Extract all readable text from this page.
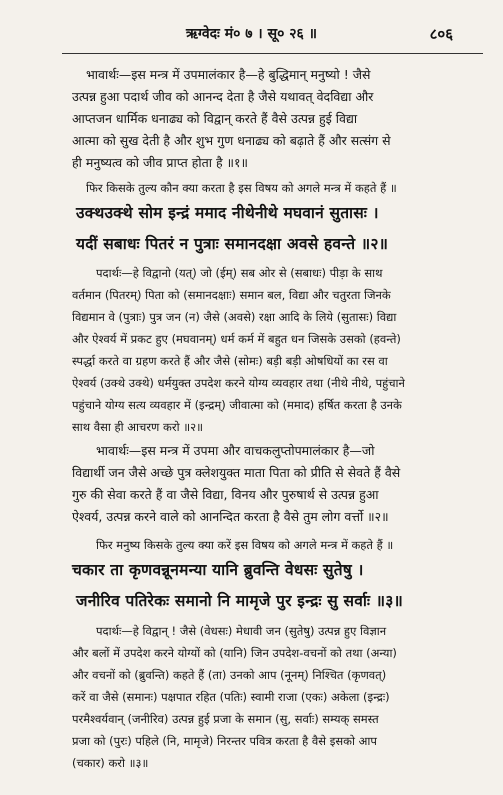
ऋग्वेदः मं० ७ । सू० २६ ॥	८०६
भावार्थः—इस मन्त्र में उपमालंकार है—हे बुद्धिमान् मनुष्यो ! जैसे
उत्पन्न हुआ पदार्थ जीव को आनन्द देता है जैसे यथावत् वेदविद्या और
आप्तजन धार्मिक धनाढ्य को विद्वान् करते हैं वैसे उत्पन्न हुई विद्या
आत्मा को सुख देती है और शुभ गुण धनाढ्य को बढ़ाते हैं और सत्संग से
ही मनुष्यत्व को जीव प्राप्त होता है ॥१॥
फिर किसके तुल्य कौन क्या करता है इस विषय को अगले मन्त्र में कहते हैं ॥
उक्थउक्थे सोम इन्द्रं ममाद नीथेनीथे मघवानं सुतासः ।
यदीं सबाधः पितरं न पुत्राः समानदक्षा अवसे हवन्ते ॥२॥
पदार्थः—हे विद्वानो (यत्) जो (ईम्) सब ओर से (सबाधः) पीड़ा के साथ
वर्तमान (पितरम्) पिता को (समानदक्षाः) समान बल, विद्या और चतुरता जिनके
विद्यमान वे (पुत्राः) पुत्र जन (न) जैसे (अवसे) रक्षा आदि के लिये (सुतासः) विद्या
और ऐश्वर्य में प्रकट हुए (मघवानम्) धर्म कर्म में बहुत धन जिसके उसको (हवन्ते)
स्पर्द्धा करते वा ग्रहण करते हैं और जैसे (सोमः) बड़ी बड़ी ओषधियों का रस वा
ऐश्वर्य (उक्थे उक्थे) धर्मयुक्त उपदेश करने योग्य व्यवहार तथा (नीथे नीथे, पहुंचाने
पहुंचाने योग्य सत्य व्यवहार में (इन्द्रम्) जीवात्मा को (ममाद) हर्षित करता है उनके
साथ वैसा ही आचरण करो ॥२॥
भावार्थः—इस मन्त्र में उपमा और वाचकलुप्तोपमालंकार है—जो
विद्यार्थी जन जैसे अच्छे पुत्र क्लेशयुक्त माता पिता को प्रीति से सेवते हैं वैसे
गुरु की सेवा करते हैं वा जैसे विद्या, विनय और पुरुषार्थ से उत्पन्न हुआ
ऐश्वर्य, उत्पन्न करने वाले को आनन्दित करता है वैसे तुम लोग वर्त्तो ॥२॥
फिर मनुष्य किसके तुल्य क्या करें इस विषय को अगले मन्त्र में कहते हैं ॥
चकार ता कृणवन्नूनमन्या यानि ब्रुवन्ति वेधसः सुतेषु ।
जनीरिव पतिरेकः समानो नि मामृजे पुर इन्द्रः सु सर्वाः ॥३॥
पदार्थः—हे विद्वान् ! जैसे (वेधसः) मेधावी जन (सुतेषु) उत्पन्न हुए विज्ञान
और बलों में उपदेश करने योग्यों को (यानि) जिन उपदेश-वचनों को तथा (अन्या)
और वचनों को (ब्रुवन्ति) कहते हैं (ता) उनको आप (नूनम्) निश्चित (कृणवत्)
करें वा जैसे (समानः) पक्षपात रहित (पतिः) स्वामी राजा (एकः) अकेला (इन्द्रः)
परमैश्वर्यवान् (जनीरिव) उत्पन्न हुई प्रजा के समान (सु, सर्वाः) सम्यक् समस्त
प्रजा को (पुरः) पहिले (नि, मामृजे) निरन्तर पवित्र करता है वैसे इसको आप
(चकार) करो ॥३॥
